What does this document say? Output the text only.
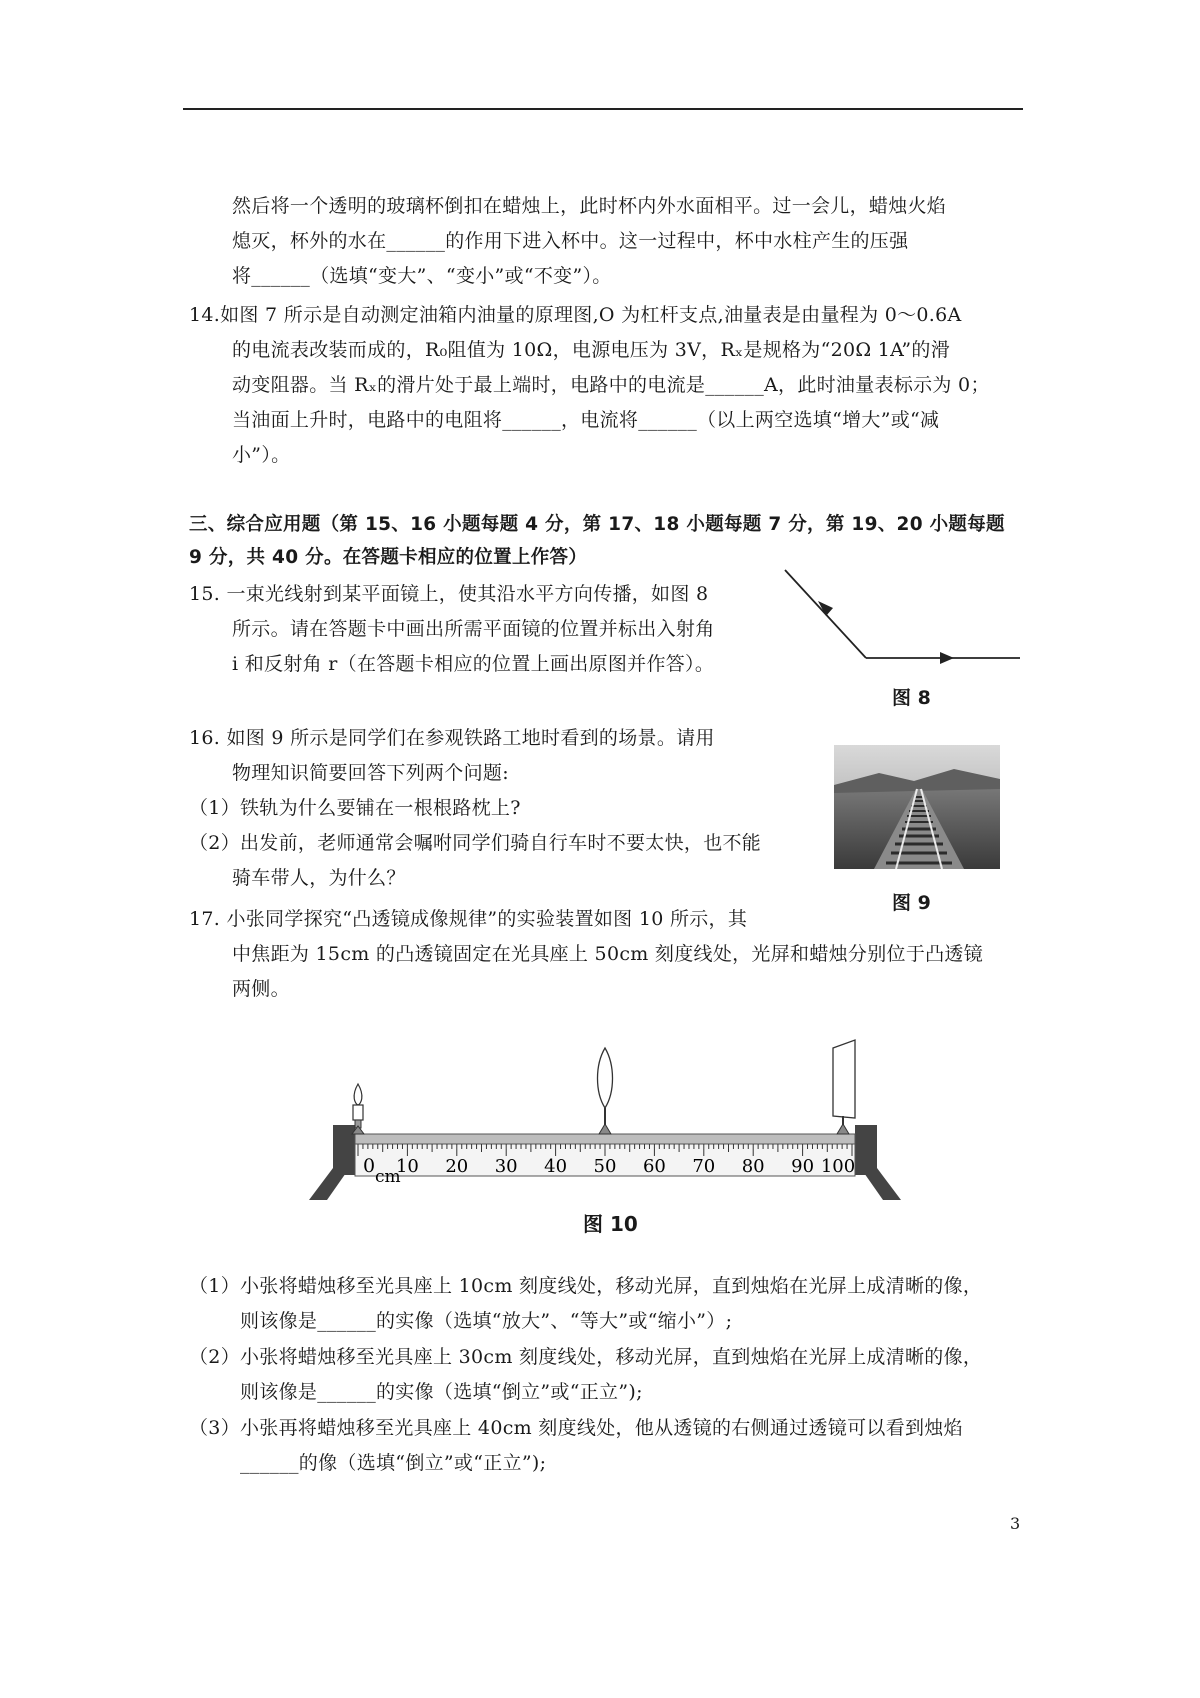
然后将一个透明的玻璃杯倒扣在蜡烛上，此时杯内外水面相平。过一会儿，蜡烛火焰
熄灭，杯外的水在______的作用下进入杯中。这一过程中，杯中水柱产生的压强
将______（选填“变大”、“变小”或“不变”）。
14.如图 7 所示是自动测定油箱内油量的原理图,O 为杠杆支点,油量表是由量程为 0～0.6A
的电流表改装而成的，R₀阻值为 10Ω，电源电压为 3V，Rₓ是规格为“20Ω 1A”的滑
动变阻器。当 Rₓ的滑片处于最上端时，电路中的电流是______A，此时油量表标示为 0；
当油面上升时，电路中的电阻将______，电流将______（以上两空选填“增大”或“减
小”）。
三、综合应用题（第 15、16 小题每题 4 分，第 17、18 小题每题 7 分，第 19、20 小题每题
9 分，共 40 分。在答题卡相应的位置上作答）
15. 一束光线射到某平面镜上，使其沿水平方向传播，如图 8
所示。请在答题卡中画出所需平面镜的位置并标出入射角
i 和反射角 r（在答题卡相应的位置上画出原图并作答）。
图 8
16. 如图 9 所示是同学们在参观铁路工地时看到的场景。请用
物理知识简要回答下列两个问题:
（1）铁轨为什么要铺在一根根路枕上?
（2）出发前，老师通常会嘱咐同学们骑自行车时不要太快，也不能
骑车带人，为什么？
图 9
17. 小张同学探究“凸透镜成像规律”的实验装置如图 10 所示，其
中焦距为 15cm 的凸透镜固定在光具座上 50cm 刻度线处，光屏和蜡烛分别位于凸透镜
两侧。
10 20 30 40 50 60 70 80 90 100
0 cm
图 10
（1）小张将蜡烛移至光具座上 10cm 刻度线处，移动光屏，直到烛焰在光屏上成清晰的像，
则该像是______的实像（选填“放大”、“等大”或“缩小”）;
（2）小张将蜡烛移至光具座上 30cm 刻度线处，移动光屏，直到烛焰在光屏上成清晰的像，
则该像是______的实像（选填“倒立”或“正立”);
（3）小张再将蜡烛移至光具座上 40cm 刻度线处，他从透镜的右侧通过透镜可以看到烛焰
______的像（选填“倒立”或“正立”);
3
